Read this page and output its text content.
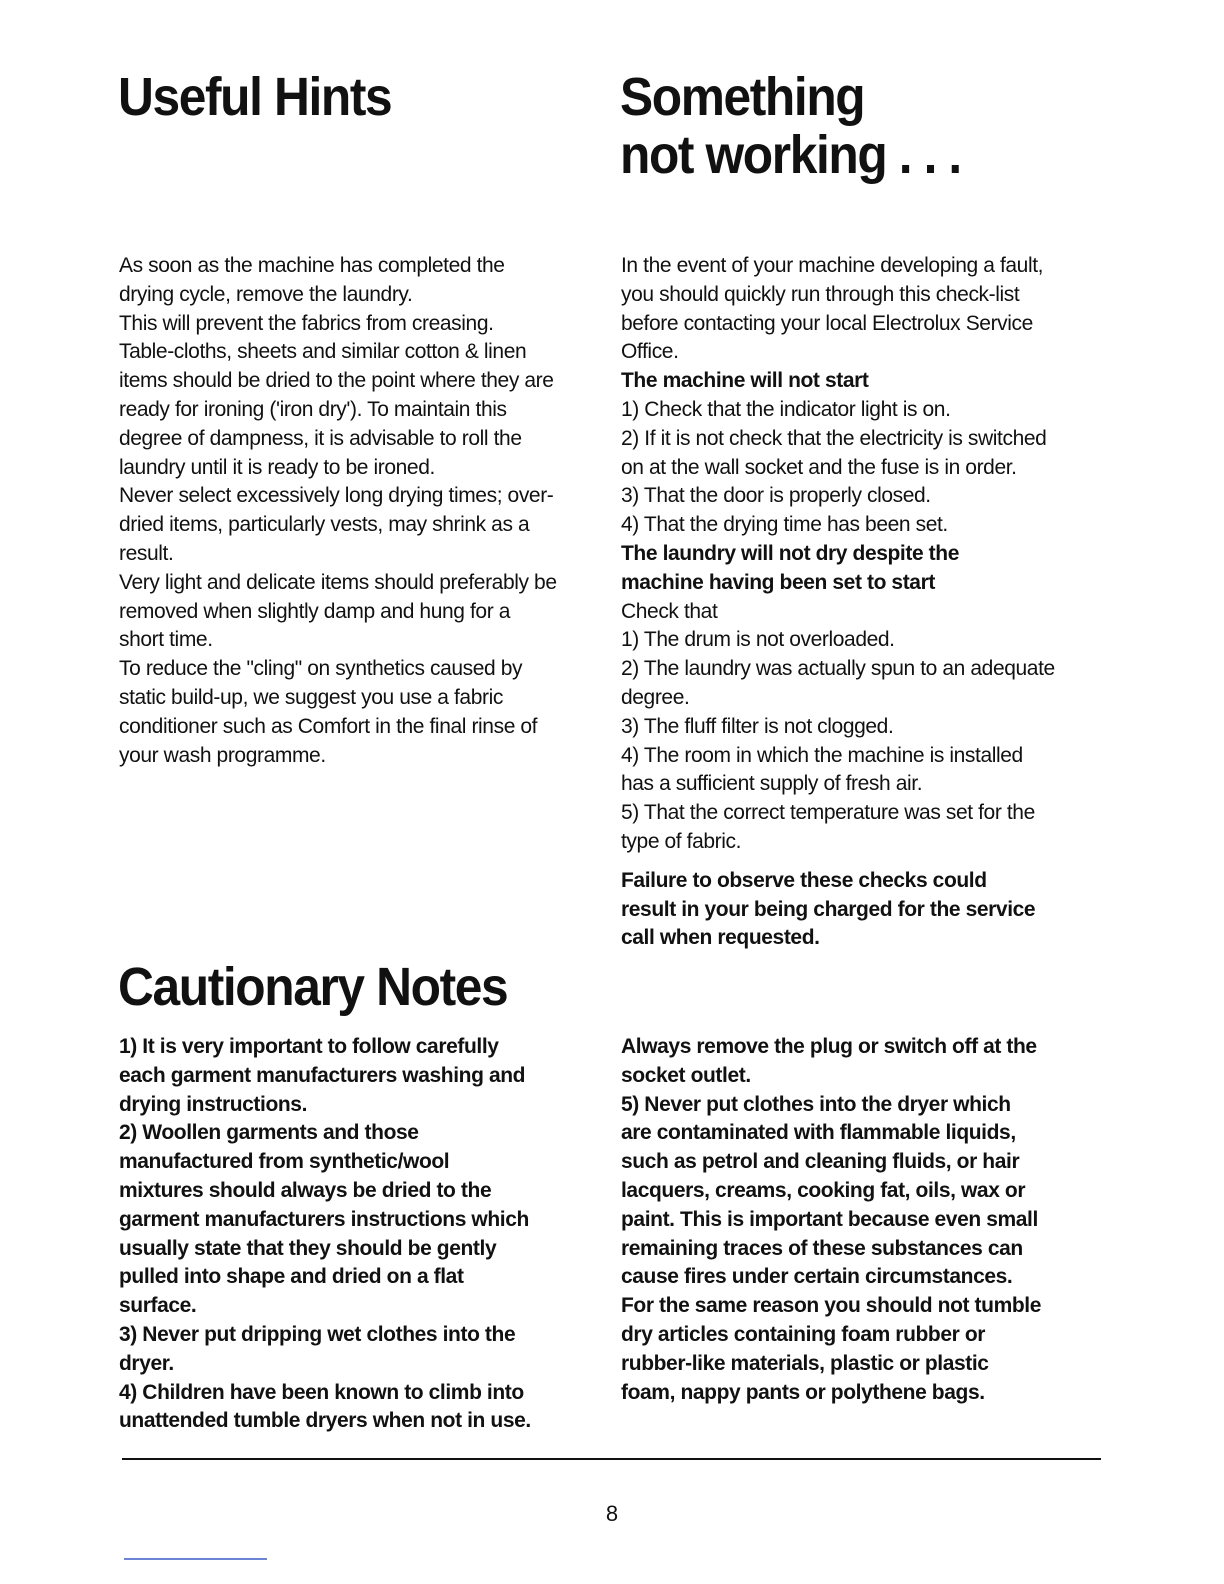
Useful Hints	Something
not working . . .

As soon as the machine has completed the

drying cycle, remove the laundry.

This will prevent the fabrics from creasing.

Table-cloths, sheets and similar cotton & linen

items should be dried to the point where they are

ready for ironing ('iron dry'). To maintain this

degree of dampness, it is advisable to roll the

laundry until it is ready to be ironed.

Never select excessively long drying times; over-

dried items, particularly vests, may shrink as a

result.

Very light and delicate items should preferably be

removed when slightly damp and hung for a

short time.

To reduce the "cling" on synthetics caused by

static build-up, we suggest you use a fabric

conditioner such as Comfort in the final rinse of

your wash programme.

In the event of your machine developing a fault,

you should quickly run through this check-list

before contacting your local Electrolux Service

Office.

The machine will not start

1) Check that the indicator light is on.

2) If it is not check that the electricity is switched

on at the wall socket and the fuse is in order.

3) That the door is properly closed.

4) That the drying time has been set.

The laundry will not dry despite the

machine having been set to start

Check that

1) The drum is not overloaded.

2) The laundry was actually spun to an adequate

degree.

3) The fluff filter is not clogged.

4) The room in which the machine is installed

has a sufficient supply of fresh air.

5) That the correct temperature was set for the

type of fabric.

Failure to observe these checks could

result in your being charged for the service

call when requested.

Cautionary Notes

1) It is very important to follow carefully

each garment manufacturers washing and

drying instructions.

2) Woollen garments and those

manufactured from synthetic/wool

mixtures should always be dried to the

garment manufacturers instructions which

usually state that they should be gently

pulled into shape and dried on a flat

surface.

3) Never put dripping wet clothes into the

dryer.

4) Children have been known to climb into

unattended tumble dryers when not in use.

Always remove the plug or switch off at the

socket outlet.

5) Never put clothes into the dryer which

are contaminated with flammable liquids,

such as petrol and cleaning fluids, or hair

lacquers, creams, cooking fat, oils, wax or

paint. This is important because even small

remaining traces of these substances can

cause fires under certain circumstances.

For the same reason you should not tumble

dry articles containing foam rubber or

rubber-like materials, plastic or plastic

foam, nappy pants or polythene bags.

8
